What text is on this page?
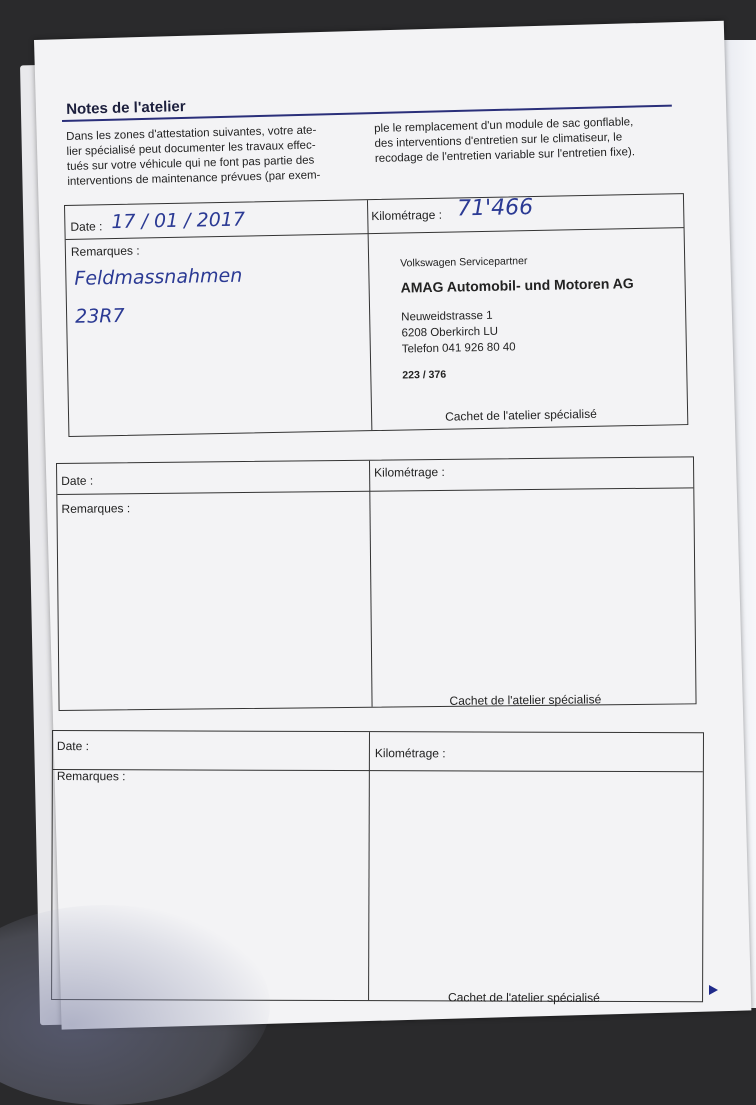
Notes de l'atelier
Dans les zones d'attestation suivantes, votre ate-
lier spécialisé peut documenter les travaux effec-
tués sur votre véhicule qui ne font pas partie des
interventions de maintenance prévues (par exem-
ple le remplacement d'un module de sac gonflable,
des interventions d'entretien sur le climatiseur, le
recodage de l'entretien variable sur l'entretien fixe).
Date : 17 / 01 / 2017	Kilométrage : 71'466
Remarques :
Feldmassnahmen
23R7
Volkswagen Servicepartner
AMAG Automobil- und Motoren AG
Neuweidstrasse 1
6208 Oberkirch LU
Telefon 041 926 80 40
223 / 376
Cachet de l'atelier spécialisé
Date :
Kilométrage :
Remarques :
Cachet de l'atelier spécialisé
Date :
Kilométrage :
Remarques :
Cachet de l'atelier spécialisé
